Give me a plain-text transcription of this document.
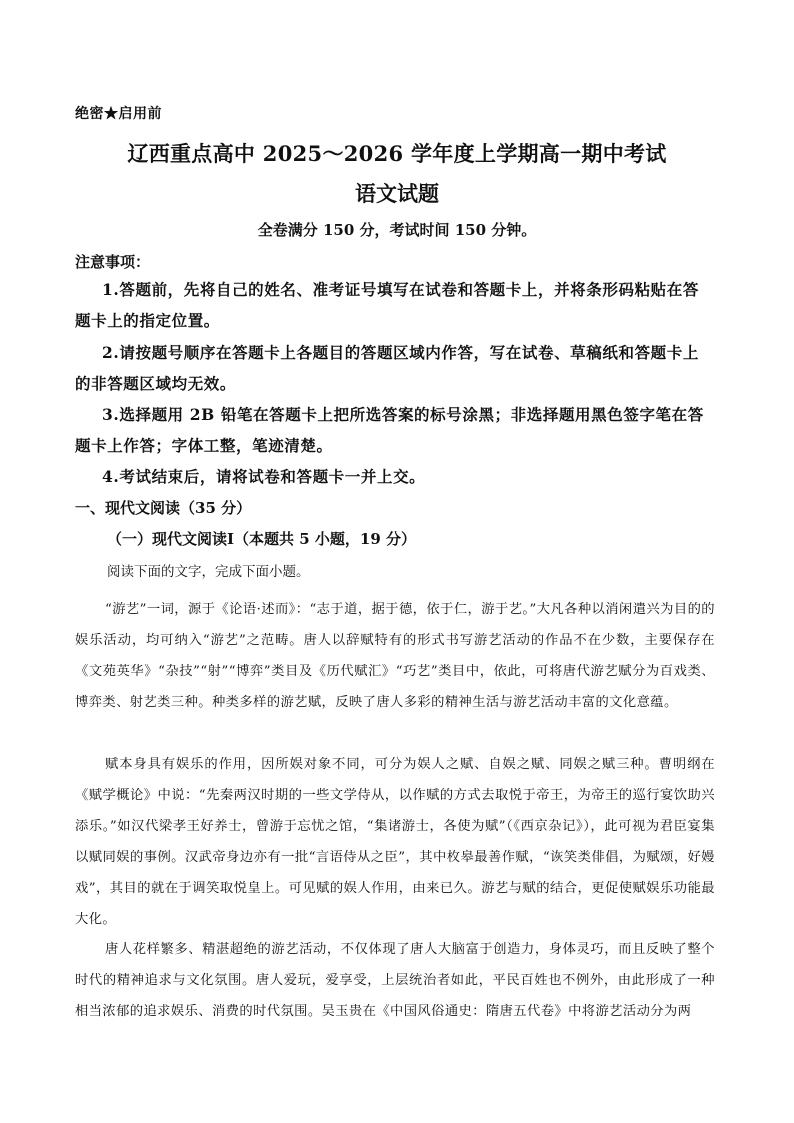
绝密★启用前
辽西重点高中 2025～2026 学年度上学期高一期中考试
语文试题
全卷满分 150 分，考试时间 150 分钟。
注意事项：

1.答题前，先将自己的姓名、准考证号填写在试卷和答题卡上，并将条形码粘贴在答题卡上的指定位置。

2.请按题号顺序在答题卡上各题目的答题区域内作答，写在试卷、草稿纸和答题卡上的非答题区域均无效。

3.选择题用 2B 铅笔在答题卡上把所选答案的标号涂黑；非选择题用黑色签字笔在答题卡上作答；字体工整，笔迹清楚。

4.考试结束后，请将试卷和答题卡一并上交。

一、现代文阅读（35 分）
（一）现代文阅读Ⅰ（本题共 5 小题，19 分）
阅读下面的文字，完成下面小题。

“游艺”一词，源于《论语·述而》：“志于道，据于德，依于仁，游于艺。”大凡各种以消闲遣兴为目的的娱乐活动，均可纳入“游艺”之范畴。唐人以辞赋特有的形式书写游艺活动的作品不在少数，主要保存在《文苑英华》“杂技”“射”“博弈”类目及《历代赋汇》“巧艺”类目中，依此，可将唐代游艺赋分为百戏类、博弈类、射艺类三种。种类多样的游艺赋，反映了唐人多彩的精神生活与游艺活动丰富的文化意蕴。

赋本身具有娱乐的作用，因所娱对象不同，可分为娱人之赋、自娱之赋、同娱之赋三种。曹明纲在《赋学概论》中说：“先秦两汉时期的一些文学侍从，以作赋的方式去取悦于帝王，为帝王的巡行宴饮助兴添乐。”如汉代梁孝王好养士，曾游于忘忧之馆，“集诸游士，各使为赋”（《西京杂记》），此可视为君臣宴集以赋同娱的事例。汉武帝身边亦有一批“言语侍从之臣”，其中枚皋最善作赋，“诙笑类俳倡，为赋颂，好嫚戏”，其目的就在于调笑取悦皇上。可见赋的娱人作用，由来已久。游艺与赋的结合，更促使赋娱乐功能最大化。

唐人花样繁多、精湛超绝的游艺活动，不仅体现了唐人大脑富于创造力，身体灵巧，而且反映了整个时代的精神追求与文化氛围。唐人爱玩，爱享受，上层统治者如此，平民百姓也不例外，由此形成了一种相当浓郁的追求娱乐、消费的时代氛围。吴玉贵在《中国风俗通史：隋唐五代卷》中将游艺活动分为两
